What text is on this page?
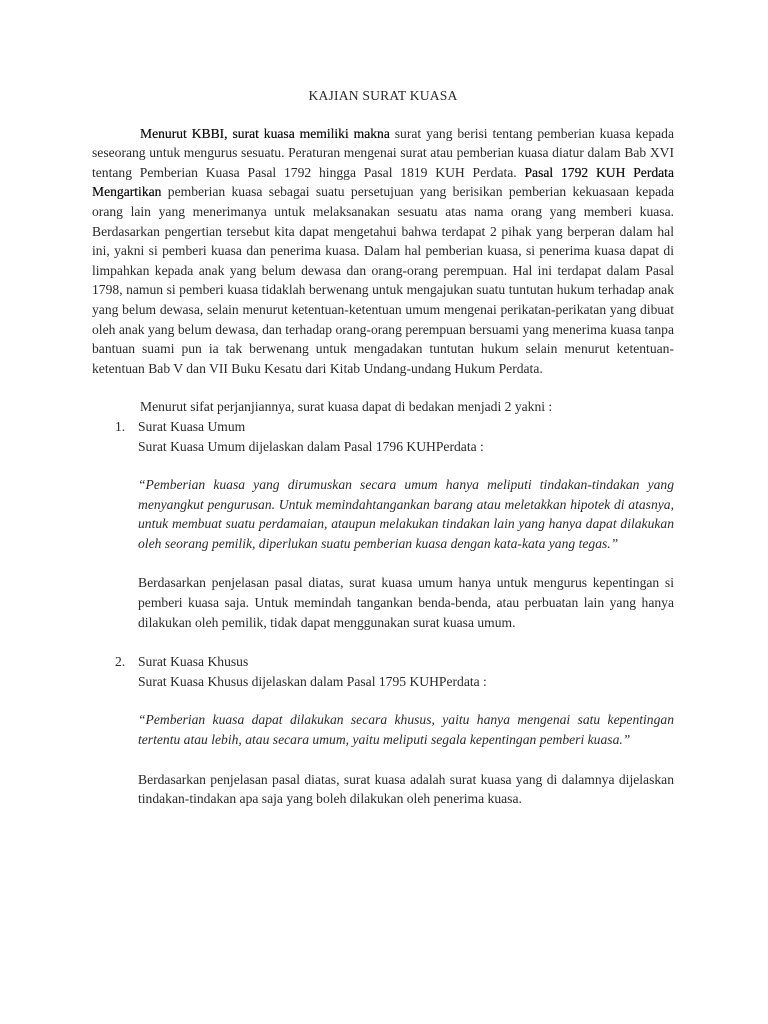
KAJIAN SURAT KUASA

Menurut KBBI, surat kuasa memiliki makna surat yang berisi tentang pemberian kuasa kepada seseorang untuk mengurus sesuatu. Peraturan mengenai surat atau pemberian kuasa diatur dalam Bab XVI tentang Pemberian Kuasa Pasal 1792 hingga Pasal 1819 KUH Perdata. Pasal 1792 KUH Perdata Mengartikan pemberian kuasa sebagai suatu persetujuan yang berisikan pemberian kekuasaan kepada orang lain yang menerimanya untuk melaksanakan sesuatu atas nama orang yang memberi kuasa. Berdasarkan pengertian tersebut kita dapat mengetahui bahwa terdapat 2 pihak yang berperan dalam hal ini, yakni si pemberi kuasa dan penerima kuasa. Dalam hal pemberian kuasa, si penerima kuasa dapat di limpahkan kepada anak yang belum dewasa dan orang-orang perempuan. Hal ini terdapat dalam Pasal 1798, namun si pemberi kuasa tidaklah berwenang untuk mengajukan suatu tuntutan hukum terhadap anak yang belum dewasa, selain menurut ketentuan-ketentuan umum mengenai perikatan-perikatan yang dibuat oleh anak yang belum dewasa, dan terhadap orang-orang perempuan bersuami yang menerima kuasa tanpa bantuan suami pun ia tak berwenang untuk mengadakan tuntutan hukum selain menurut ketentuan-ketentuan Bab V dan VII Buku Kesatu dari Kitab Undang-undang Hukum Perdata.

Menurut sifat perjanjiannya, surat kuasa dapat di bedakan menjadi 2 yakni :

1. Surat Kuasa Umum

Surat Kuasa Umum dijelaskan dalam Pasal 1796 KUHPerdata :

“Pemberian kuasa yang dirumuskan secara umum hanya meliputi tindakan-tindakan yang menyangkut pengurusan. Untuk memindahtangankan barang atau meletakkan hipotek di atasnya, untuk membuat suatu perdamaian, ataupun melakukan tindakan lain yang hanya dapat dilakukan oleh seorang pemilik, diperlukan suatu pemberian kuasa dengan kata-kata yang tegas.”

Berdasarkan penjelasan pasal diatas, surat kuasa umum hanya untuk mengurus kepentingan si pemberi kuasa saja. Untuk memindah tangankan benda-benda, atau perbuatan lain yang hanya dilakukan oleh pemilik, tidak dapat menggunakan surat kuasa umum.

2. Surat Kuasa Khusus

Surat Kuasa Khusus dijelaskan dalam Pasal 1795 KUHPerdata :

“Pemberian kuasa dapat dilakukan secara khusus, yaitu hanya mengenai satu kepentingan tertentu atau lebih, atau secara umum, yaitu meliputi segala kepentingan pemberi kuasa.”

Berdasarkan penjelasan pasal diatas, surat kuasa adalah surat kuasa yang di dalamnya dijelaskan tindakan-tindakan apa saja yang boleh dilakukan oleh penerima kuasa.
